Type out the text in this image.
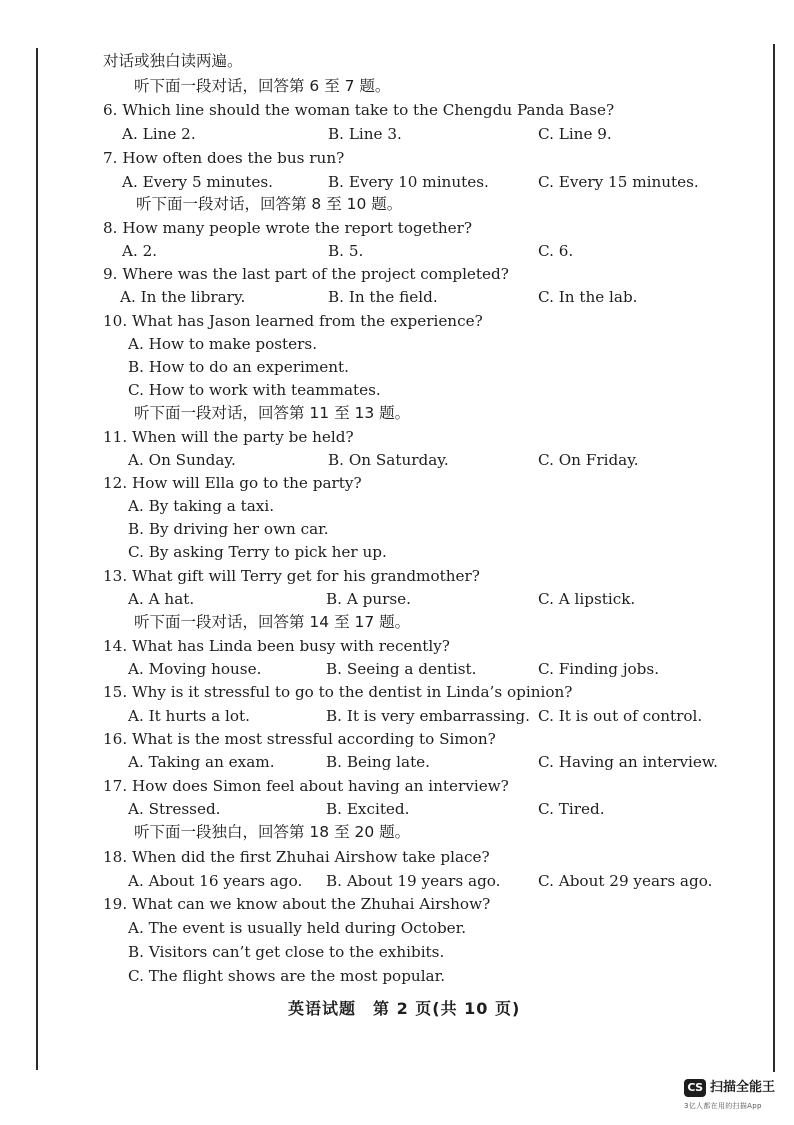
对话或独白读两遍。
听下面一段对话，回答第 6 至 7 题。
6. Which line should the woman take to the Chengdu Panda Base?
A. Line 2.	B. Line 3.	C. Line 9.
7. How often does the bus run?
A. Every 5 minutes.	B. Every 10 minutes.	C. Every 15 minutes.
听下面一段对话，回答第 8 至 10 题。
8. How many people wrote the report together?
A. 2.	B. 5.	C. 6.
9. Where was the last part of the project completed?
A. In the library.	B. In the field.	C. In the lab.
10. What has Jason learned from the experience?
A. How to make posters.
B. How to do an experiment.
C. How to work with teammates.
听下面一段对话，回答第 11 至 13 题。
11. When will the party be held?
A. On Sunday.	B. On Saturday.	C. On Friday.
12. How will Ella go to the party?
A. By taking a taxi.
B. By driving her own car.
C. By asking Terry to pick her up.
13. What gift will Terry get for his grandmother?
A. A hat.	B. A purse.	C. A lipstick.
听下面一段对话，回答第 14 至 17 题。
14. What has Linda been busy with recently?
A. Moving house.	B. Seeing a dentist.	C. Finding jobs.
15. Why is it stressful to go to the dentist in Linda’s opinion?
A. It hurts a lot.	B. It is very embarrassing. C. It is out of control.
16. What is the most stressful according to Simon?
A. Taking an exam.	B. Being late.	C. Having an interview.
17. How does Simon feel about having an interview?
A. Stressed.	B. Excited.	C. Tired.
听下面一段独白，回答第 18 至 20 题。
18. When did the first Zhuhai Airshow take place?
A. About 16 years ago. B. About 19 years ago. C. About 29 years ago.
19. What can we know about the Zhuhai Airshow?
A. The event is usually held during October.
B. Visitors can’t get close to the exhibits.
C. The flight shows are the most popular.
英语试题　第 2 页(共 10 页)
CS 扫描全能王
3亿人都在用的扫描App
